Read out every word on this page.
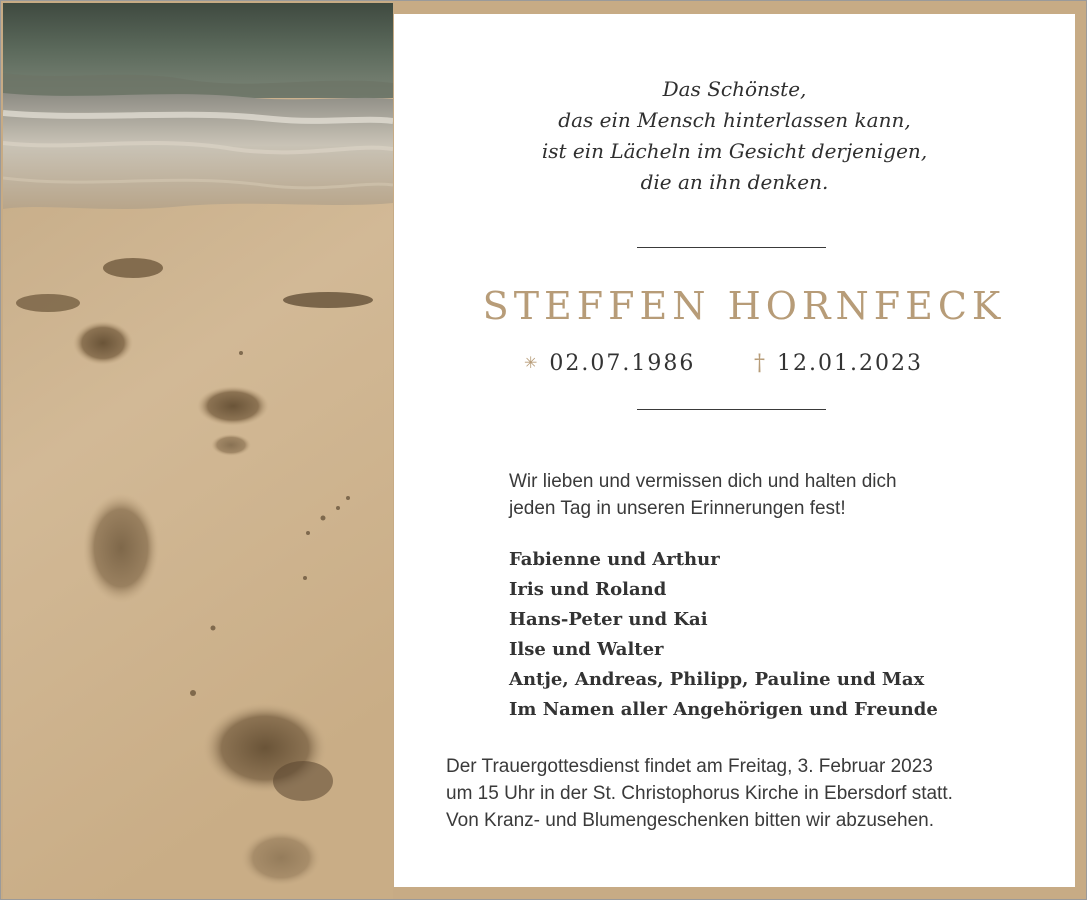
Das Schönste,
das ein Mensch hinterlassen kann,
ist ein Lächeln im Gesicht derjenigen,
die an ihn denken.
STEFFEN HORNFECK
✳ 02.07.1986	† 12.01.2023
Wir lieben und vermissen dich und halten dich
jeden Tag in unseren Erinnerungen fest!
Fabienne und Arthur
Iris und Roland
Hans-Peter und Kai
Ilse und Walter
Antje, Andreas, Philipp, Pauline und Max
Im Namen aller Angehörigen und Freunde
Der Trauergottesdienst findet am Freitag, 3. Februar 2023
um 15 Uhr in der St. Christophorus Kirche in Ebersdorf statt.
Von Kranz- und Blumengeschenken bitten wir abzusehen.
